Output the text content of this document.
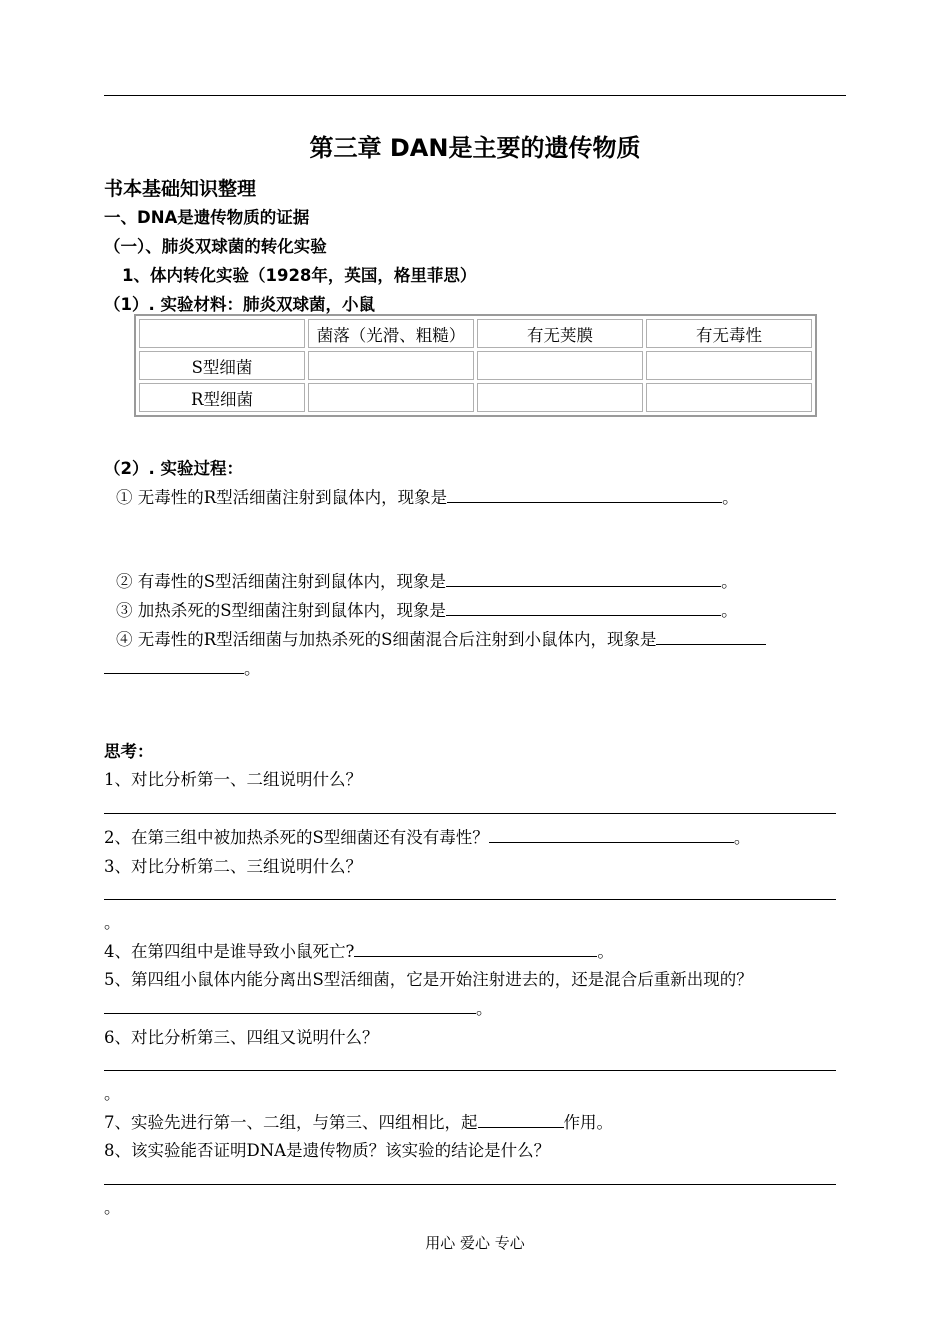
第三章 DAN是主要的遗传物质
书本基础知识整理
一、DNA是遗传物质的证据
（一）、肺炎双球菌的转化实验
1、体内转化实验（1928年，英国，格里菲思）
（1）. 实验材料：肺炎双球菌，小鼠
	菌落（光滑、粗糙）	有无荚膜	有无毒性
S型细菌			
R型细菌			
（2）. 实验过程：
① 无毒性的R型活细菌注射到鼠体内，现象是	。
② 有毒性的S型活细菌注射到鼠体内，现象是	。
③ 加热杀死的S型细菌注射到鼠体内，现象是	。
④ 无毒性的R型活细菌与加热杀死的S细菌混合后注射到小鼠体内，现象是
。
思考：
1、对比分析第一、二组说明什么？
2、在第三组中被加热杀死的S型细菌还有没有毒性？	。
3、对比分析第二、三组说明什么？
。
4、在第四组中是谁导致小鼠死亡?	。
5、第四组小鼠体内能分离出S型活细菌，它是开始注射进去的，还是混合后重新出现的？
。
6、对比分析第三、四组又说明什么？
。
7、实验先进行第一、二组，与第三、四组相比，起	作用。
8、该实验能否证明DNA是遗传物质？该实验的结论是什么？
。
用心 爱心 专心
